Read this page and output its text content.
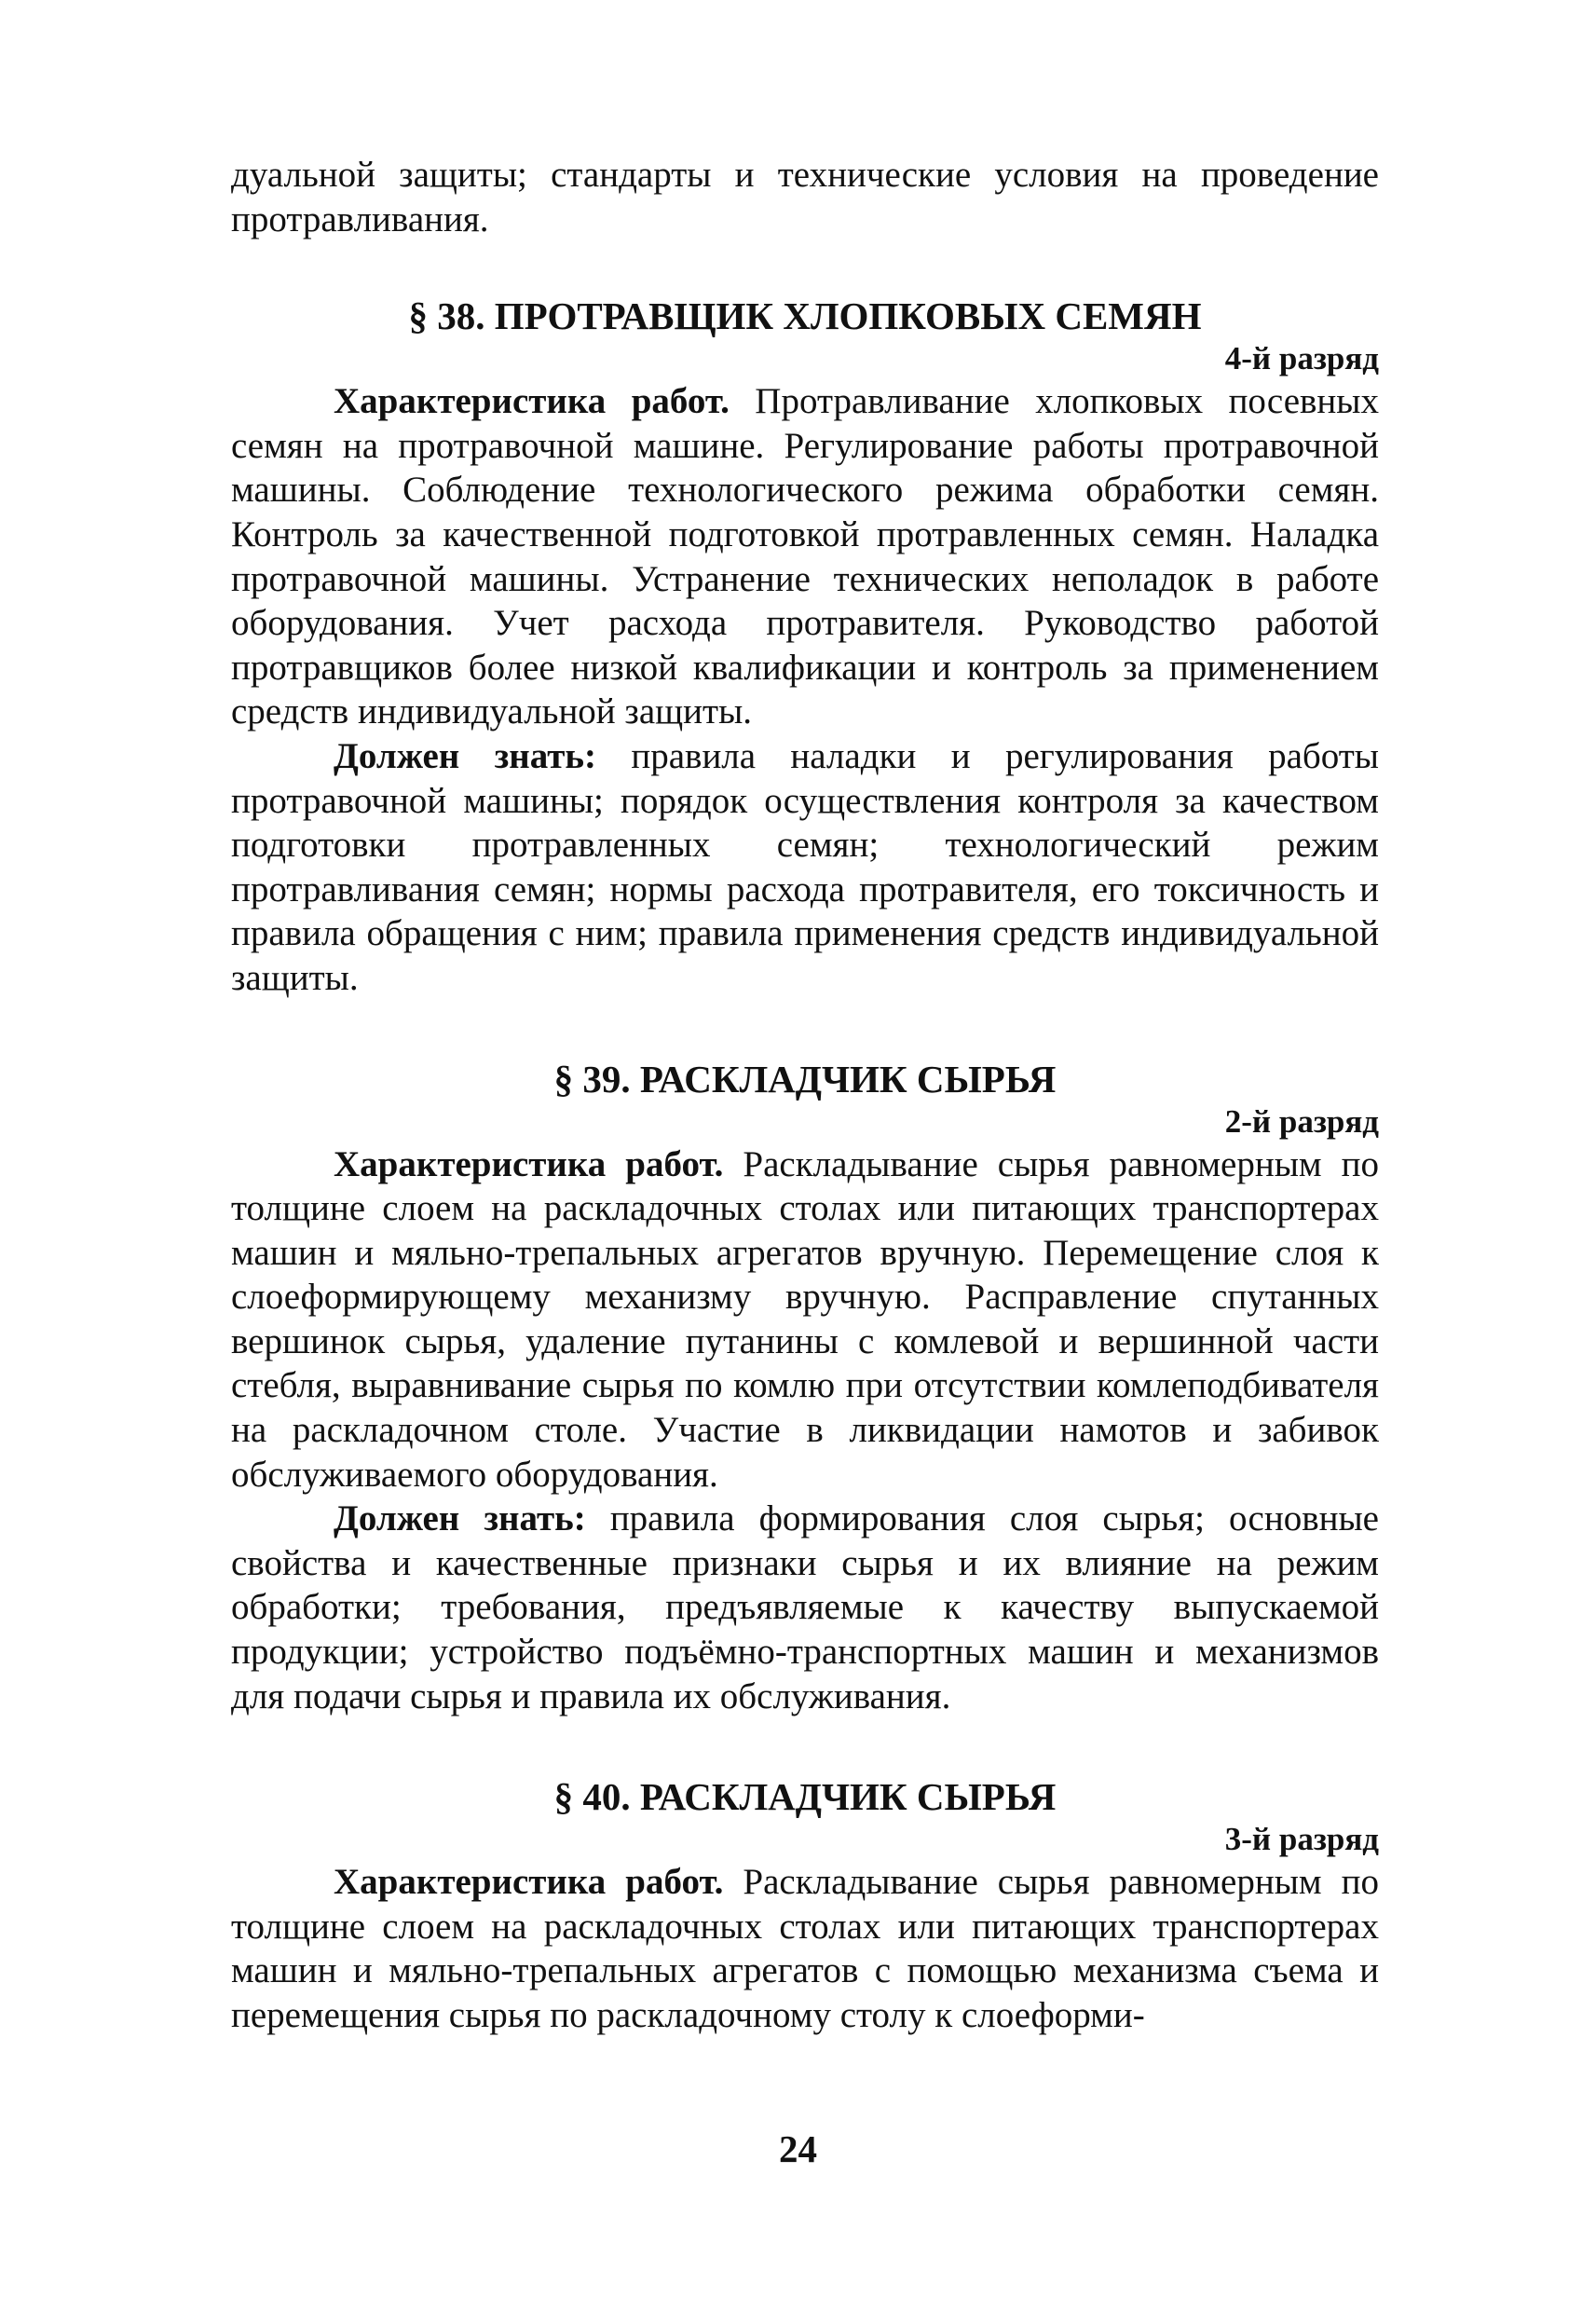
дуальной защиты; стандарты и технические условия на проведение протравливания.

§ 38. ПРОТРАВЩИК ХЛОПКОВЫХ СЕМЯН
4-й разряд

Характеристика работ. Протравливание хлопковых посевных семян на протравочной машине. Регулирование работы протравочной машины. Соблюдение технологического режима обработки семян. Контроль за качественной подготовкой протравленных семян. Наладка протравочной машины. Устранение технических неполадок в работе оборудования. Учет расхода протравителя. Руководство работой протравщиков более низкой квалификации и контроль за применением средств индивидуальной защиты.

Должен знать: правила наладки и регулирования работы протравочной машины; порядок осуществления контроля за качеством подготовки протравленных семян; технологический режим протравливания семян; нормы расхода протравителя, его токсичность и правила обращения с ним; правила применения средств индивидуальной защиты.

§ 39. РАСКЛАДЧИК СЫРЬЯ
2-й разряд

Характеристика работ. Раскладывание сырья равномерным по толщине слоем на раскладочных столах или питающих транспортерах машин и мяльно-трепальных агрегатов вручную. Перемещение слоя к слоеформирующему механизму вручную. Расправление спутанных вершинок сырья, удаление путанины с комлевой и вершинной части стебля, выравнивание сырья по комлю при отсутствии комлеподбивателя на раскладочном столе. Участие в ликвидации намотов и забивок обслуживаемого оборудования.

Должен знать: правила формирования слоя сырья; основные свойства и качественные признаки сырья и их влияние на режим обработки; требования, предъявляемые к качеству выпускаемой продукции; устройство подъёмно-транспортных машин и механизмов для подачи сырья и правила их обслуживания.

§ 40. РАСКЛАДЧИК СЫРЬЯ
3-й разряд

Характеристика работ. Раскладывание сырья равномерным по толщине слоем на раскладочных столах или питающих транспортерах машин и мяльно-трепальных агрегатов с помощью механизма съема и перемещения сырья по раскладочному столу к слоеформи-

24
